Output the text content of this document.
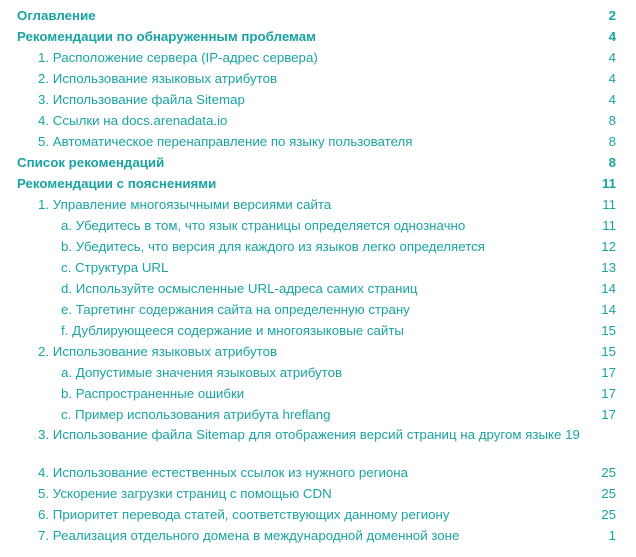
Оглавление	2
Рекомендации по обнаруженным проблемам	4
1. Расположение сервера (IP-адрес сервера)	4
2. Использование языковых атрибутов	4
3. Использование файла Sitemap	4
4. Ссылки на docs.arenadata.io	8
5. Автоматическое перенаправление по языку пользователя	8
Список рекомендаций	8
Рекомендации с пояснениями	11
1. Управление многоязычными версиями сайта	11
a. Убедитесь в том, что язык страницы определяется однозначно	11
b. Убедитесь, что версия для каждого из языков легко определяется	12
c. Структура URL	13
d. Используйте осмысленные URL-адреса самих страниц	14
e. Таргетинг содержания сайта на определенную страну	14
f. Дублирующееся содержание и многоязыковые сайты	15
2. Использование языковых атрибутов	15
a. Допустимые значения языковых атрибутов	17
b. Распространенные ошибки	17
c. Пример использования атрибута hreflang	17
3. Использование файла Sitemap для отображения версий страниц на другом языке 19
4. Использование естественных ссылок из нужного региона	25
5. Ускорение загрузки страниц с помощью CDN	25
6. Приоритет перевода статей, соответствующих данному региону	25
7. Реализация отдельного домена в международной доменной зоне	1
